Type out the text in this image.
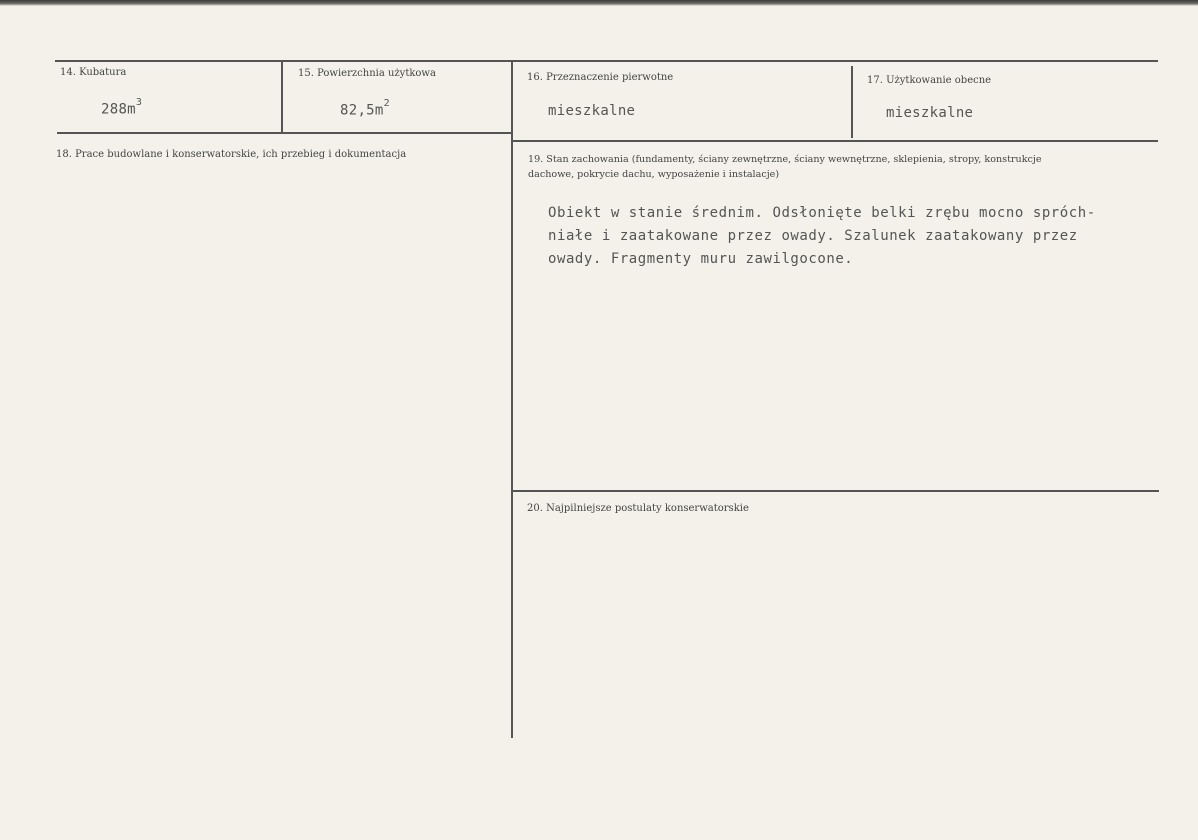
14. Kubatura
$288m^3$
15. Powierzchnia użytkowa
$82,5m^2$
16. Przeznaczenie pierwotne
mieszkalne
17. Użytkowanie obecne
mieszkalne
18. Prace budowlane i konserwatorskie, ich przebieg i dokumentacja	19. Stan zachowania (fundamenty, ściany zewnętrzne, ściany wewnętrzne, sklepienia, stropy, konstrukcje
dachowe, pokrycie dachu, wyposażenie i instalacje)
Obiekt w stanie średnim. Odsłonięte belki zrębu mocno spróch-
niałe i zaatakowane przez owady. Szalunek zaatakowany przez
owady. Fragmenty muru zawilgocone.
20. Najpilniejsze postulaty konserwatorskie
